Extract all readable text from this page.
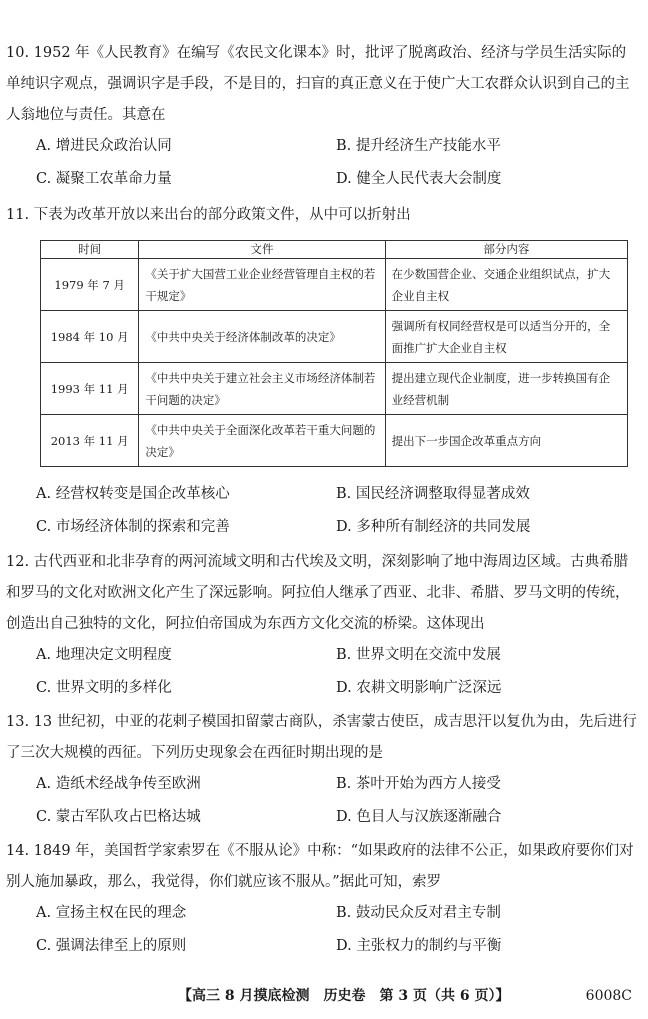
10. 1952 年《人民教育》在编写《农民文化课本》时，批评了脱离政治、经济与学员生活实际的单纯识字观点，强调识字是手段，不是目的，扫盲的真正意义在于使广大工农群众认识到自己的主人翁地位与责任。其意在
A. 增进民众政治认同	B. 提升经济生产技能水平
C. 凝聚工农革命力量	D. 健全人民代表大会制度
11. 下表为改革开放以来出台的部分政策文件，从中可以折射出
时间	文件	部分内容
1979 年 7 月	《关于扩大国营工业企业经营管理自主权的若干规定》	在少数国营企业、交通企业组织试点，扩大企业自主权
1984 年 10 月	《中共中央关于经济体制改革的决定》	强调所有权同经营权是可以适当分开的，全面推广扩大企业自主权
1993 年 11 月	《中共中央关于建立社会主义市场经济体制若干问题的决定》	提出建立现代企业制度，进一步转换国有企业经营机制
2013 年 11 月	《中共中央关于全面深化改革若干重大问题的决定》	提出下一步国企改革重点方向
A. 经营权转变是国企改革核心	B. 国民经济调整取得显著成效
C. 市场经济体制的探索和完善	D. 多种所有制经济的共同发展
12. 古代西亚和北非孕育的两河流域文明和古代埃及文明，深刻影响了地中海周边区域。古典希腊和罗马的文化对欧洲文化产生了深远影响。阿拉伯人继承了西亚、北非、希腊、罗马文明的传统，创造出自己独特的文化，阿拉伯帝国成为东西方文化交流的桥梁。这体现出
A. 地理决定文明程度	B. 世界文明在交流中发展
C. 世界文明的多样化	D. 农耕文明影响广泛深远
13. 13 世纪初，中亚的花剌子模国扣留蒙古商队，杀害蒙古使臣，成吉思汗以复仇为由，先后进行了三次大规模的西征。下列历史现象会在西征时期出现的是
A. 造纸术经战争传至欧洲	B. 茶叶开始为西方人接受
C. 蒙古军队攻占巴格达城	D. 色目人与汉族逐渐融合
14. 1849 年，美国哲学家索罗在《不服从论》中称：“如果政府的法律不公正，如果政府要你们对别人施加暴政，那么，我觉得，你们就应该不服从。”据此可知，索罗
A. 宣扬主权在民的理念	B. 鼓动民众反对君主专制
C. 强调法律至上的原则	D. 主张权力的制约与平衡
【高三 8 月摸底检测　历史卷　第 3 页（共 6 页）】	6008C
